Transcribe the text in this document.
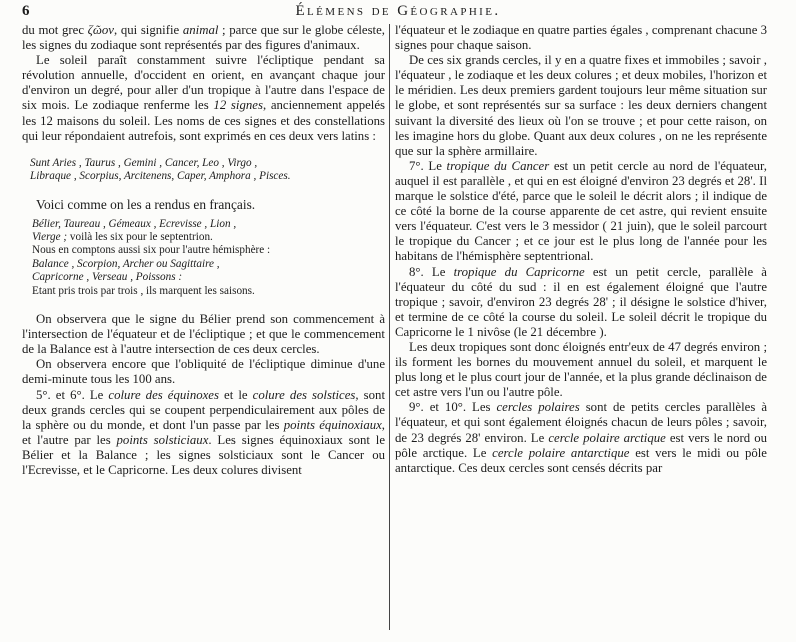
6	Élémens de Géographie.

du mot grec ζῶον, qui signifie animal ; parce que sur le globe céleste, les signes du zodiaque sont représentés par des figures d'animaux.

Le soleil paraît constamment suivre l'écliptique pendant sa révolution annuelle, d'occident en orient, en avançant chaque jour d'environ un degré, pour aller d'un tropique à l'autre dans l'espace de six mois. Le zodiaque renferme les 12 signes, anciennement appelés les 12 maisons du soleil. Les noms de ces signes et des constellations qui leur répondaient autrefois, sont exprimés en ces deux vers latins :

Sunt Aries , Taurus , Gemini , Cancer, Leo , Virgo ,

Libraque , Scorpius, Arcitenens, Caper, Amphora , Pisces.

Voici comme on les a rendus en français.

Bélier, Taureau , Gémeaux , Ecrevisse , Lion ,

Vierge ; voilà les six pour le septentrion.

Nous en comptons aussi six pour l'autre hémisphère :

Balance , Scorpion, Archer ou Sagittaire ,

Capricorne , Verseau , Poissons :

Etant pris trois par trois , ils marquent les saisons.

On observera que le signe du Bélier prend son commencement à l'intersection de l'équateur et de l'écliptique ; et que le commencement de la Balance est à l'autre intersection de ces deux cercles.

On observera encore que l'obliquité de l'écliptique diminue d'une demi-minute tous les 100 ans.

5°. et 6°. Le colure des équinoxes et le colure des solstices, sont deux grands cercles qui se coupent perpendiculairement aux pôles de la sphère ou du monde, et dont l'un passe par les points équinoxiaux, et l'autre par les points solsticiaux. Les signes équinoxiaux sont le Bélier et la Balance ; les signes solsticiaux sont le Cancer ou l'Ecrevisse, et le Capricorne. Les deux colures divisent

l'équateur et le zodiaque en quatre parties égales , comprenant chacune 3 signes pour chaque saison.

De ces six grands cercles, il y en a quatre fixes et immobiles ; savoir , l'équateur , le zodiaque et les deux colures ; et deux mobiles, l'horizon et le méridien. Les deux premiers gardent toujours leur même situation sur le globe, et sont représentés sur sa surface : les deux derniers changent suivant la diversité des lieux où l'on se trouve ; et pour cette raison, on les imagine hors du globe. Quant aux deux colures , on ne les représente que sur la sphère armillaire.

7°. Le tropique du Cancer est un petit cercle au nord de l'équateur, auquel il est parallèle , et qui en est éloigné d'environ 23 degrés et 28'. Il marque le solstice d'été, parce que le soleil le décrit alors ; il indique de ce côté la borne de la course apparente de cet astre, qui revient ensuite vers l'équateur. C'est vers le 3 messidor ( 21 juin), que le soleil parcourt le tropique du Cancer ; et ce jour est le plus long de l'année pour les habitans de l'hémisphère septentrional.

8°. Le tropique du Capricorne est un petit cercle, parallèle à l'équateur du côté du sud : il en est également éloigné que l'autre tropique ; savoir, d'environ 23 degrés 28' ; il désigne le solstice d'hiver, et termine de ce côté la course du soleil. Le soleil décrit le tropique du Capricorne le 1 nivôse (le 21 décembre ).

Les deux tropiques sont donc éloignés entr'eux de 47 degrés environ ; ils forment les bornes du mouvement annuel du soleil, et marquent le plus long et le plus court jour de l'année, et la plus grande déclinaison de cet astre vers l'un ou l'autre pôle.

9°. et 10°. Les cercles polaires sont de petits cercles parallèles à l'équateur, et qui sont également éloignés chacun de leurs pôles ; savoir, de 23 degrés 28' environ. Le cercle polaire arctique est vers le nord ou pôle arctique. Le cercle polaire antarctique est vers le midi ou pôle antarctique. Ces deux cercles sont censés décrits par
